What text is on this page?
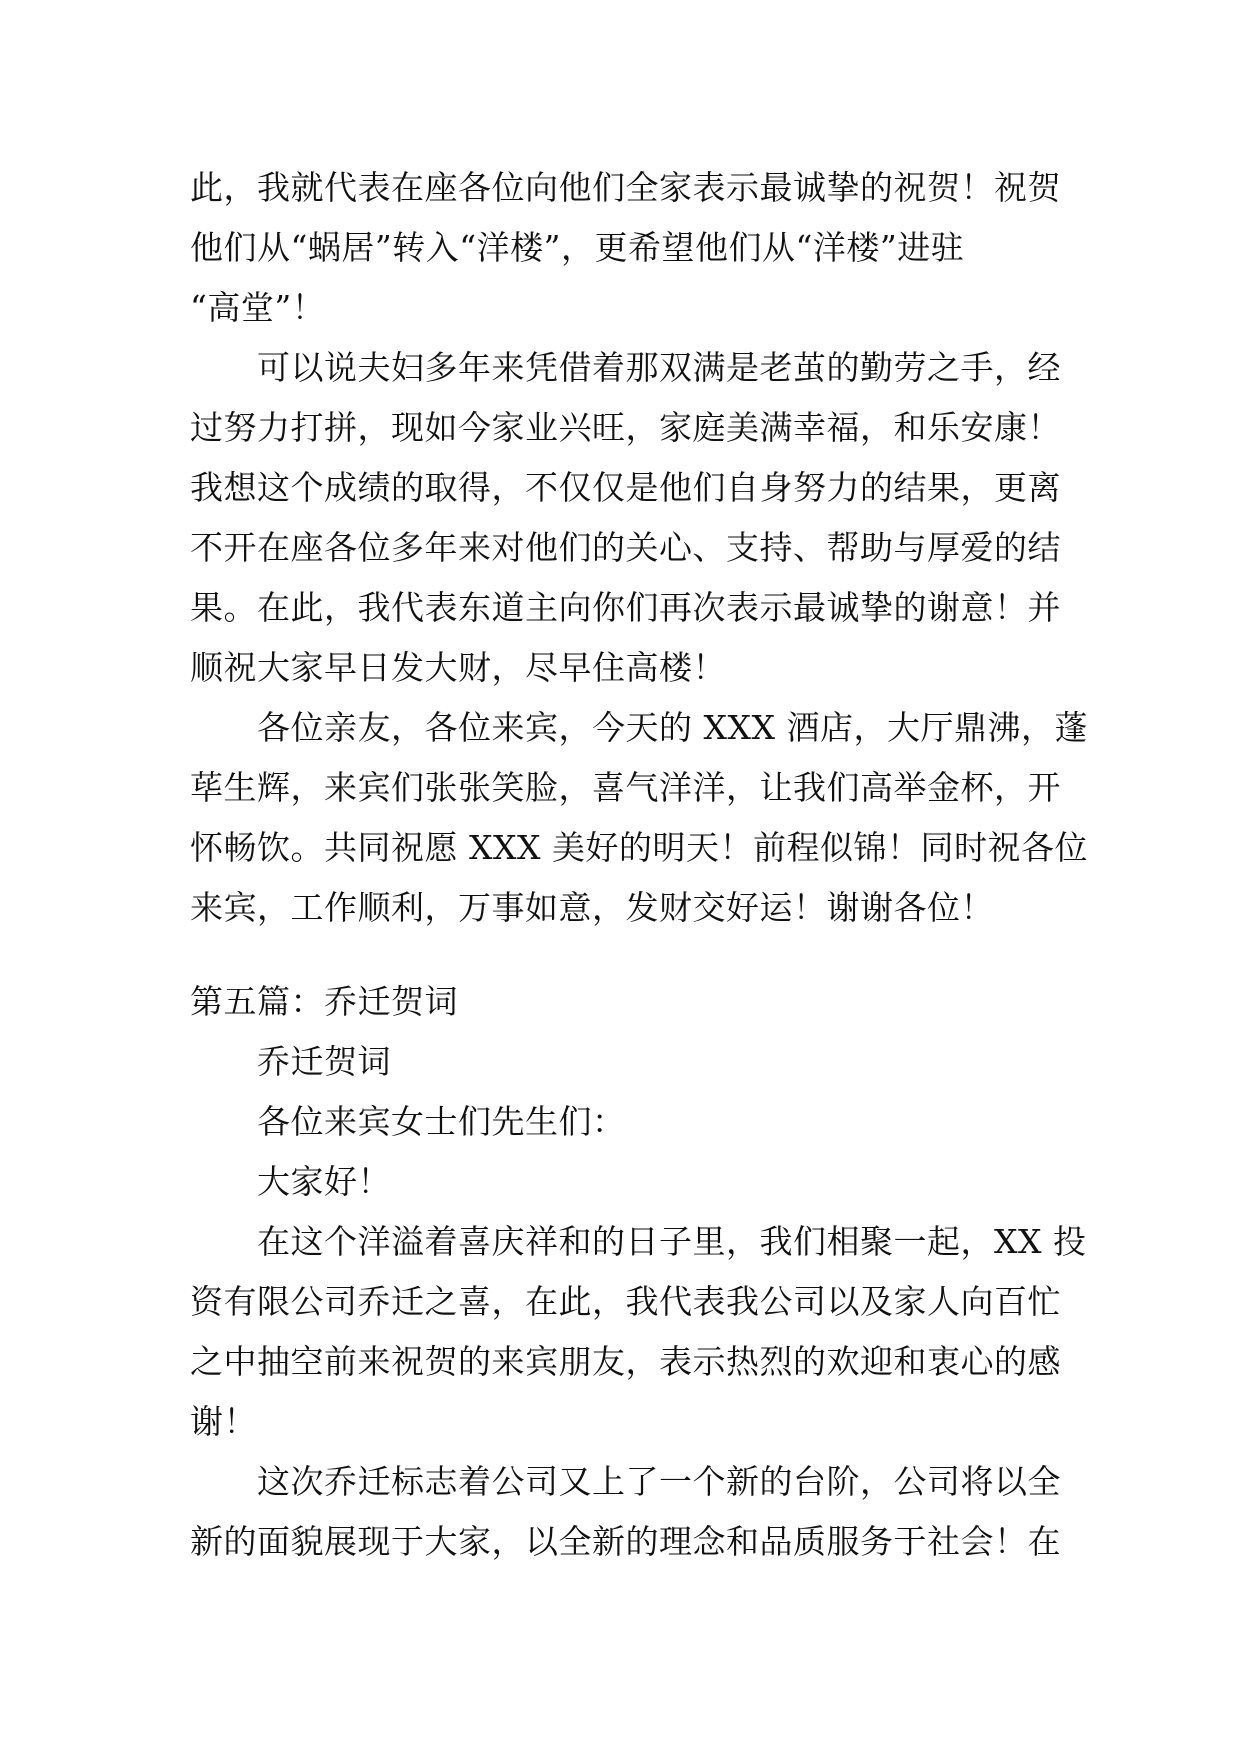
此，我就代表在座各位向他们全家表示最诚挚的祝贺！祝贺
他们从“蜗居”转入“洋楼”，更希望他们从“洋楼”进驻
“高堂”！
可以说夫妇多年来凭借着那双满是老茧的勤劳之手，经
过努力打拼，现如今家业兴旺，家庭美满幸福，和乐安康！
我想这个成绩的取得，不仅仅是他们自身努力的结果，更离
不开在座各位多年来对他们的关心、支持、帮助与厚爱的结
果。在此，我代表东道主向你们再次表示最诚挚的谢意！并
顺祝大家早日发大财，尽早住高楼！
各位亲友，各位来宾，今天的 XXX 酒店，大厅鼎沸，蓬
荜生辉，来宾们张张笑脸，喜气洋洋，让我们高举金杯，开
怀畅饮。共同祝愿 XXX 美好的明天！前程似锦！同时祝各位
来宾，工作顺利，万事如意，发财交好运！谢谢各位！
第五篇：乔迁贺词
乔迁贺词
各位来宾女士们先生们：
大家好！
在这个洋溢着喜庆祥和的日子里，我们相聚一起，XX 投
资有限公司乔迁之喜，在此，我代表我公司以及家人向百忙
之中抽空前来祝贺的来宾朋友，表示热烈的欢迎和衷心的感
谢！
这次乔迁标志着公司又上了一个新的台阶，公司将以全
新的面貌展现于大家，以全新的理念和品质服务于社会！在
